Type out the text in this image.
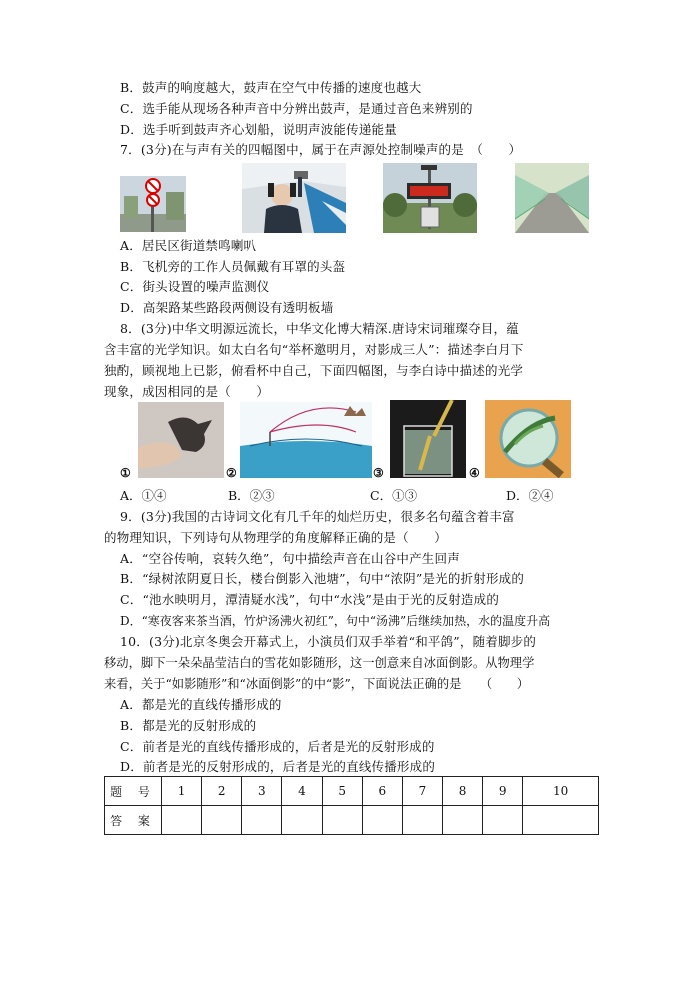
B．鼓声的响度越大，鼓声在空气中传播的速度也越大
C．选手能从现场各种声音中分辨出鼓声，是通过音色来辨别的
D．选手听到鼓声齐心划船，说明声波能传递能量
7．(3分)在与声有关的四幅图中，属于在声源处控制噪声的是　（　　）
A．居民区街道禁鸣喇叭
B．飞机旁的工作人员佩戴有耳罩的头盔
C．街头设置的噪声监测仪
D．高架路某些路段两侧设有透明板墙
8．(3分)中华文明源远流长，中华文化博大精深.唐诗宋词璀璨夺目，蕴
含丰富的光学知识。如太白名句“举杯邀明月，对影成三人”：描述李白月下
独酌，顾视地上已影，俯看杯中自己，下面四幅图，与李白诗中描述的光学
现象，成因相同的是（　　）
①	②	③	④
A．①④	B．②③	C．①③	D．②④
9．(3分)我国的古诗词文化有几千年的灿烂历史，很多名句蕴含着丰富
的物理知识，下列诗句从物理学的角度解释正确的是（　　）
A．“空谷传响，哀转久绝”，句中描绘声音在山谷中产生回声
B．“绿树浓阴夏日长，楼台倒影入池塘”，句中“浓阴”是光的折射形成的
C．“池水映明月，潭清疑水浅”，句中“水浅”是由于光的反射造成的
D．“寒夜客来茶当酒，竹炉汤沸火初红”，句中“汤沸”后继续加热，水的温度升高
10．(3分)北京冬奥会开幕式上，小演员们双手举着“和平鸽”，随着脚步的
移动，脚下一朵朵晶莹洁白的雪花如影随形，这一创意来自冰面倒影。从物理学
来看，关于“如影随形”和“冰面倒影”的中“影”，下面说法正确的是　　（　　）
A．都是光的直线传播形成的
B．都是光的反射形成的
C．前者是光的直线传播形成的，后者是光的反射形成的
D．前者是光的反射形成的，后者是光的直线传播形成的
题 号	1	2	3	4	5	6	7	8	9	10
答 案										
